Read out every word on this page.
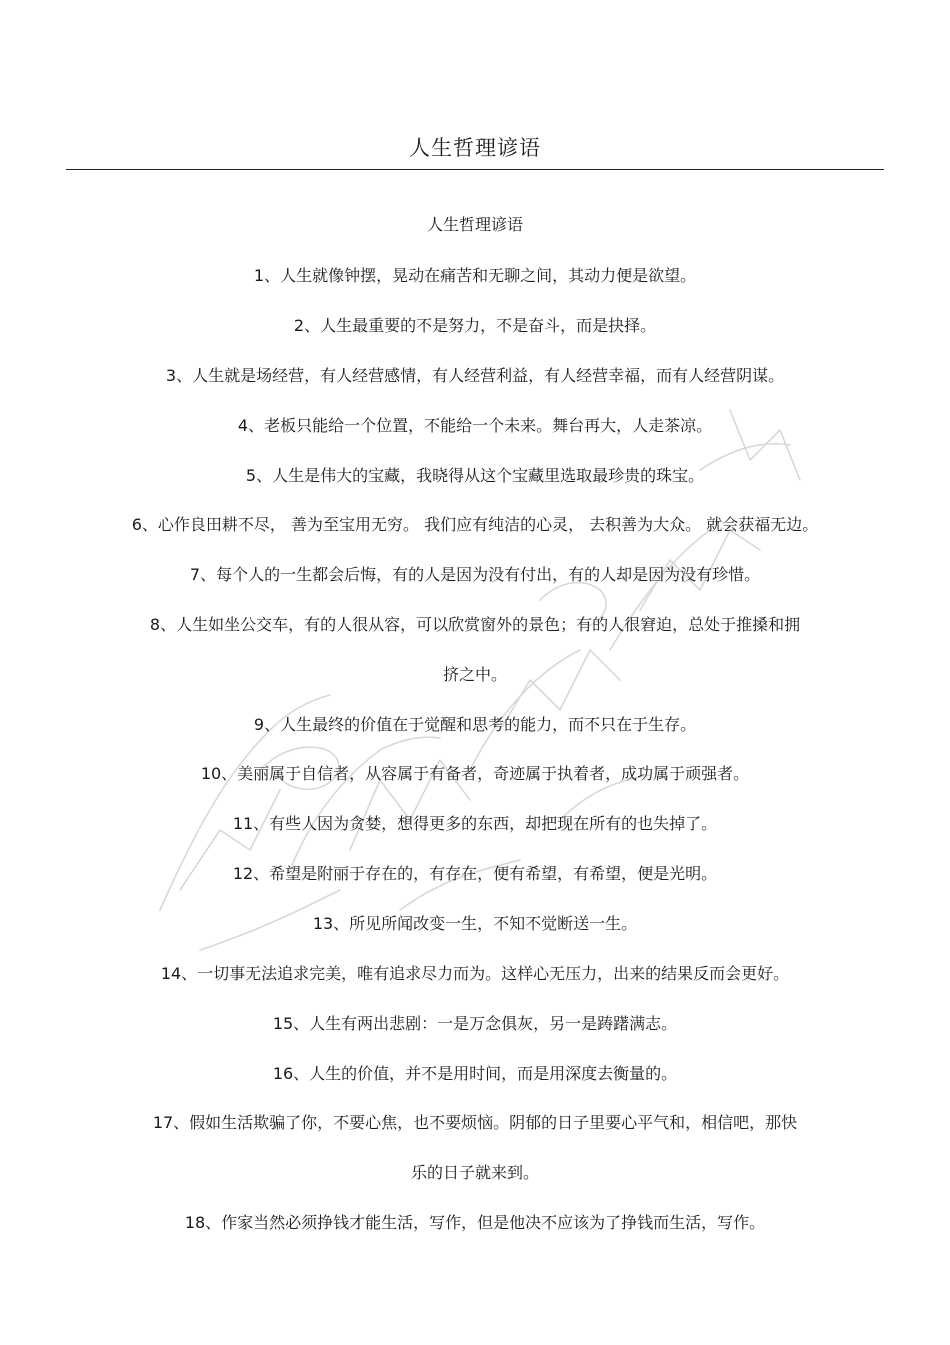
人生哲理谚语
人生哲理谚语
1、人生就像钟摆，晃动在痛苦和无聊之间，其动力便是欲望。
2、人生最重要的不是努力，不是奋斗，而是抉择。
3、人生就是场经营，有人经营感情，有人经营利益，有人经营幸福，而有人经营阴谋。
4、老板只能给一个位置，不能给一个未来。舞台再大，人走茶凉。
5、人生是伟大的宝藏，我晓得从这个宝藏里选取最珍贵的珠宝。
6、心作良田耕不尽， 善为至宝用无穷。 我们应有纯洁的心灵， 去积善为大众。 就会获福无边。
7、每个人的一生都会后悔，有的人是因为没有付出，有的人却是因为没有珍惜。
8、人生如坐公交车，有的人很从容，可以欣赏窗外的景色；有的人很窘迫，总处于推搡和拥
挤之中。
9、人生最终的价值在于觉醒和思考的能力，而不只在于生存。
10、美丽属于自信者，从容属于有备者，奇迹属于执着者，成功属于顽强者。
11、有些人因为贪婪，想得更多的东西，却把现在所有的也失掉了。
12、希望是附丽于存在的，有存在，便有希望，有希望，便是光明。
13、所见所闻改变一生，不知不觉断送一生。
14、一切事无法追求完美，唯有追求尽力而为。这样心无压力，出来的结果反而会更好。
15、人生有两出悲剧：一是万念俱灰，另一是踌躇满志。
16、人生的价值，并不是用时间，而是用深度去衡量的。
17、假如生活欺骗了你，不要心焦，也不要烦恼。阴郁的日子里要心平气和，相信吧，那快
乐的日子就来到。
18、作家当然必须挣钱才能生活，写作，但是他决不应该为了挣钱而生活，写作。
